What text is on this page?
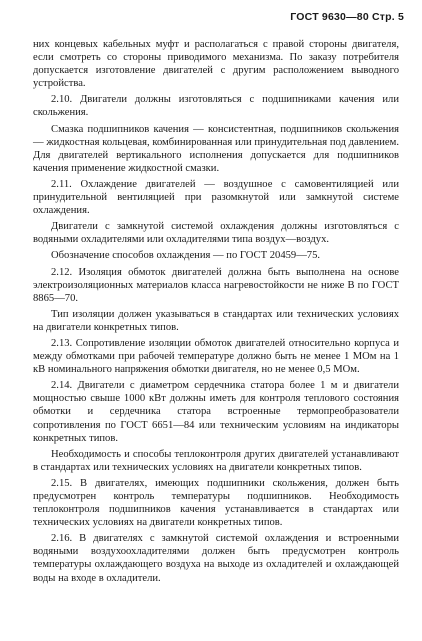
ГОСТ 9630—80 Стр. 5

них концевых кабельных муфт и располагаться с правой стороны двигателя, если смотреть со стороны приводимого механизма. По заказу потребителя допускается изготовление двигателей с другим расположением выводного устройства.

2.10. Двигатели должны изготовляться с подшипниками качения или скольжения.

Смазка подшипников качения — консистентная, подшипников скольжения — жидкостная кольцевая, комбинированная или принудительная под давлением. Для двигателей вертикального исполнения допускается для подшипников качения применение жидкостной смазки.

2.11. Охлаждение двигателей — воздушное с самовентиляцией или принудительной вентиляцией при разомкнутой или замкнутой системе охлаждения.

Двигатели с замкнутой системой охлаждения должны изготовляться с водяными охладителями или охладителями типа воздух—воздух.

Обозначение способов охлаждения — по ГОСТ 20459—75.

2.12. Изоляция обмоток двигателей должна быть выполнена на основе электроизоляционных материалов класса нагревостойкости не ниже В по ГОСТ 8865—70.

Тип изоляции должен указываться в стандартах или технических условиях на двигатели конкретных типов.

2.13. Сопротивление изоляции обмоток двигателей относительно корпуса и между обмотками при рабочей температуре должно быть не менее 1 МОм на 1 кВ номинального напряжения обмотки двигателя, но не менее 0,5 МОм.

2.14. Двигатели с диаметром сердечника статора более 1 м и двигатели мощностью свыше 1000 кВт должны иметь для контроля теплового состояния обмотки и сердечника статора встроенные термопреобразователи сопротивления по ГОСТ 6651—84 или техническим условиям на индикаторы конкретных типов.

Необходимость и способы теплоконтроля других двигателей устанавливают в стандартах или технических условиях на двигатели конкретных типов.

2.15. В двигателях, имеющих подшипники скольжения, должен быть предусмотрен контроль температуры подшипников. Необходимость теплоконтроля подшипников качения устанавливается в стандартах или технических условиях на двигатели конкретных типов.

2.16. В двигателях с замкнутой системой охлаждения и встроенными водяными воздухоохладителями должен быть предусмотрен контроль температуры охлаждающего воздуха на выходе из охладителей и охлаждающей воды на входе в охладители.
